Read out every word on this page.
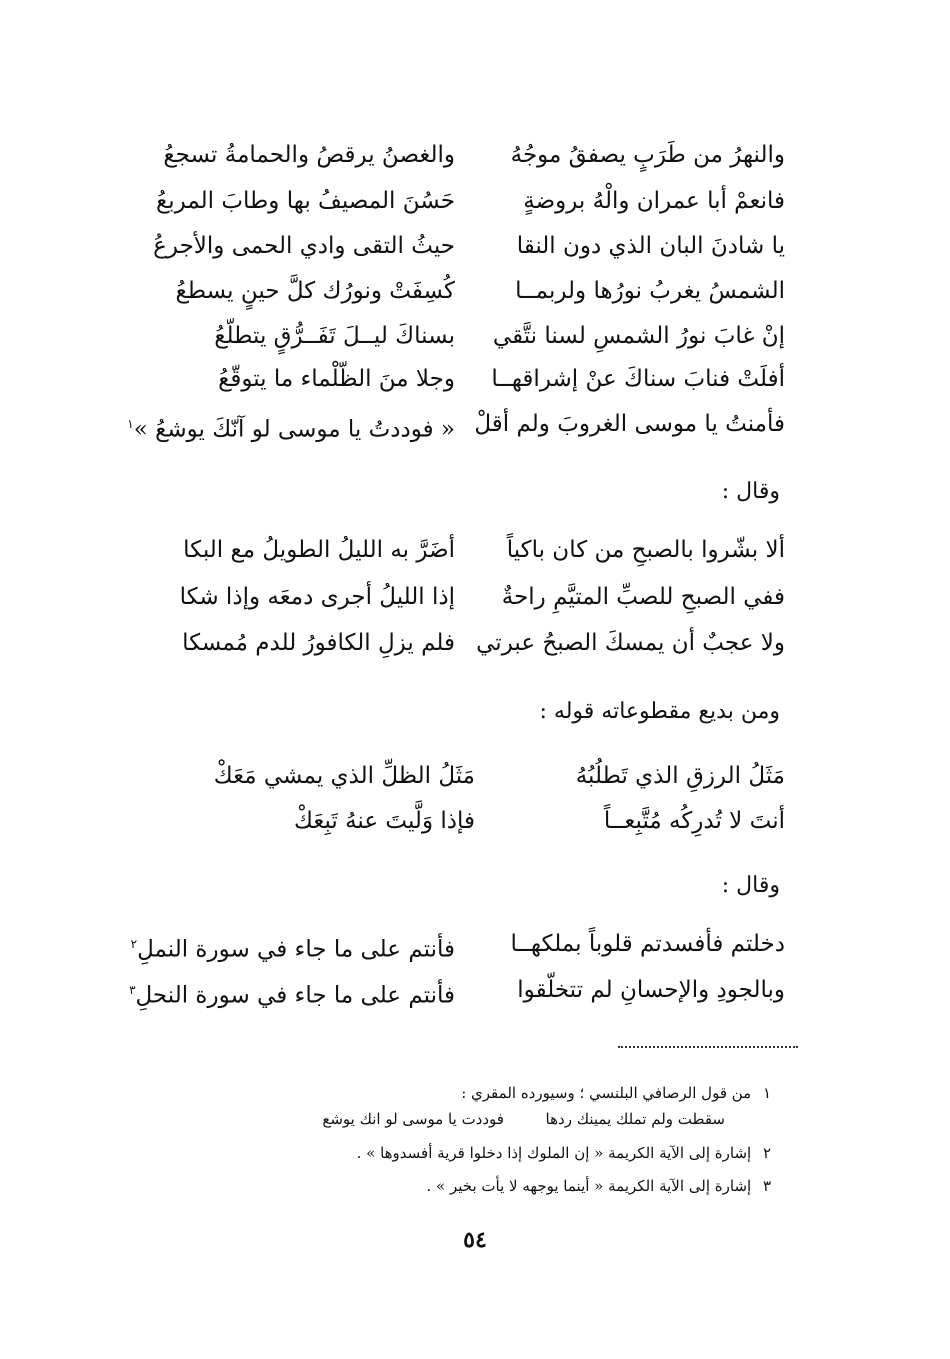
والنهرُ من طَرَبٍ يصفقُ موجُهُ
والغصنُ يرقصُ والحمامةُ تسجعُ
فانعمْ أبا عمران والْهُ بروضةٍ
حَسُنَ المصيفُ بها وطابَ المربعُ
يا شادنَ البان الذي دون النقا
حيثُ التقى وادي الحمى والأجرعُ
الشمسُ يغربُ نورُها ولربمــا
كُسِفَتْ ونورُك كلَّ حينٍ يسطعُ
إنْ غابَ نورُ الشمسِ لسنا نتَّقي
بسناكَ ليــلَ تَفَــرُّقٍ يتطلّعُ
أفلَتْ فنابَ سناكَ عنْ إشراقهــا
وجلا منَ الظّلْماء ما يتوقّعُ
فأمنتُ يا موسى الغروبَ ولم أقلْ
« فوددتُ يا موسى لو آنّكَ يوشعُ »$^١$
وقال :
ألا بشّروا بالصبحِ من كان باكياً
أضَرَّ به الليلُ الطويلُ مع البكا
ففي الصبحِ للصبِّ المتيَّمِ راحةٌ
إذا الليلُ أجرى دمعَه وإذا شكا
ولا عجبٌ أن يمسكَ الصبحُ عبرتي
فلم يزلِ الكافورُ للدم مُمسكا
ومن بديع مقطوعاته قوله :
مَثَلُ الرزقِ الذي تَطلُبُهُ
مَثَلُ الظلِّ الذي يمشي مَعَكْ
أنتَ لا تُدرِكُه مُتَّبِعــاً
فإذا وَلَّيتَ عنهُ تَبِعَكْ
وقال :
دخلتم فأفسدتم قلوباً بملكهــا
فأنتم على ما جاء في سورة النملِ$^٢$
وبالجودِ والإحسانِ لم تتخلّقوا
فأنتم على ما جاء في سورة النحلِ$^٣$
١ من قول الرصافي البلنسي ؛ وسيورده المقري :
سقطت ولم تملك يمينك ردها  فوددت يا موسى لو انك يوشع
٢ إشارة إلى الآية الكريمة « إن الملوك إذا دخلوا قرية أفسدوها » .
٣ إشارة إلى الآية الكريمة « أينما يوجهه لا يأت بخير » .
٥٤
